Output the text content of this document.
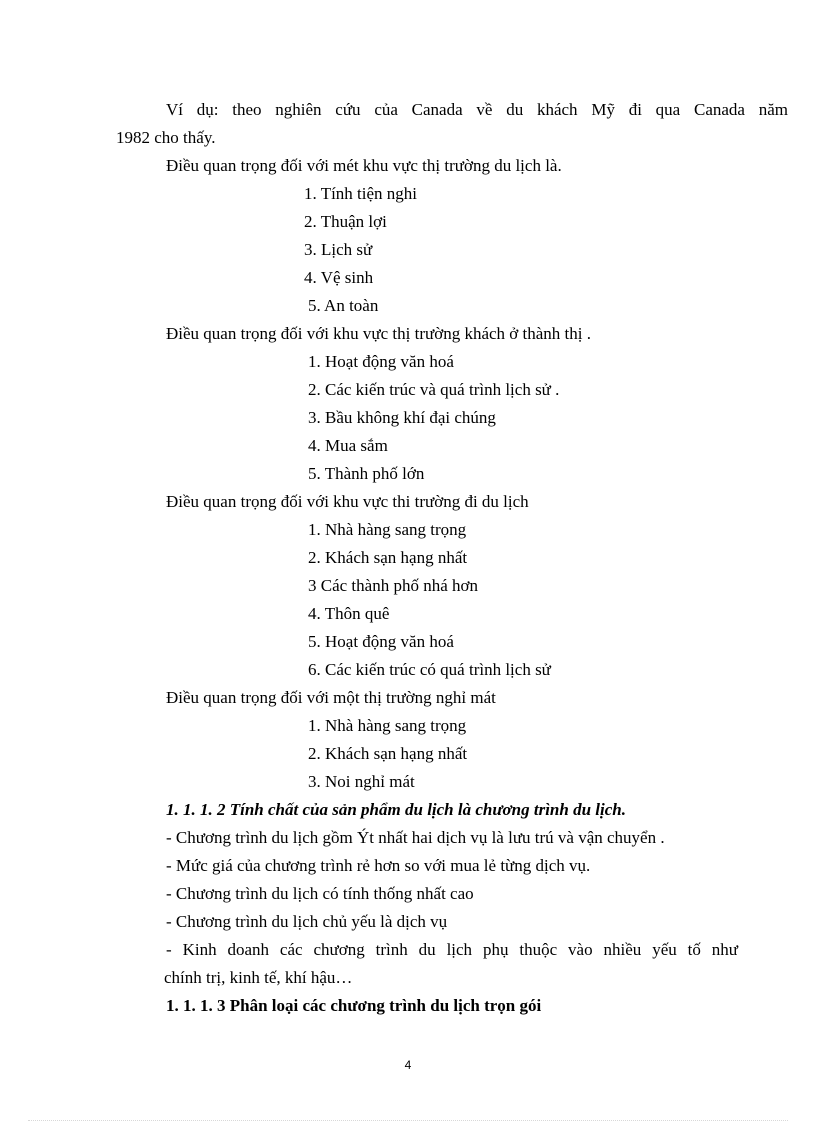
Ví dụ: theo nghiên cứu của Canada về du khách Mỹ đi qua Canada năm
1982 cho thấy.
Điều quan trọng đối với mét khu vực thị trường du lịch là.
1. Tính tiện nghi
2. Thuận lợi
3. Lịch sử
4. Vệ sinh
5. An toàn
Điều quan trọng đối với khu vực thị trường khách ở thành thị .
1. Hoạt động văn hoá
2. Các kiến trúc và quá trình lịch sử .
3. Bầu không khí đại chúng
4. Mua sắm
5. Thành phố lớn
Điều quan trọng đối với khu vực thi trường đi du lịch
1. Nhà hàng sang trọng
2. Khách sạn hạng nhất
3 Các thành phố nhá hơn
4. Thôn quê
5. Hoạt động văn hoá
6. Các kiến trúc có quá trình lịch sử
Điều quan trọng đối với một thị trường nghỉ mát
1. Nhà hàng sang trọng
2. Khách sạn hạng nhất
3. Noi nghỉ mát
1. 1. 1. 2 Tính chất của sản phẩm du lịch là chương trình du lịch.
- Chương trình du lịch gồm Ýt nhất hai dịch vụ là lưu trú và vận chuyển .
- Mức giá của chương trình rẻ hơn so với mua lẻ từng dịch vụ.
- Chương trình du lịch có tính thống nhất cao
- Chương trình du lịch chủ yếu là dịch vụ
- Kinh doanh các chương trình du lịch phụ thuộc vào nhiều yếu tố như
chính trị, kinh tế, khí hậu…
1. 1. 1. 3 Phân loại các chương trình du lịch trọn gói
4
